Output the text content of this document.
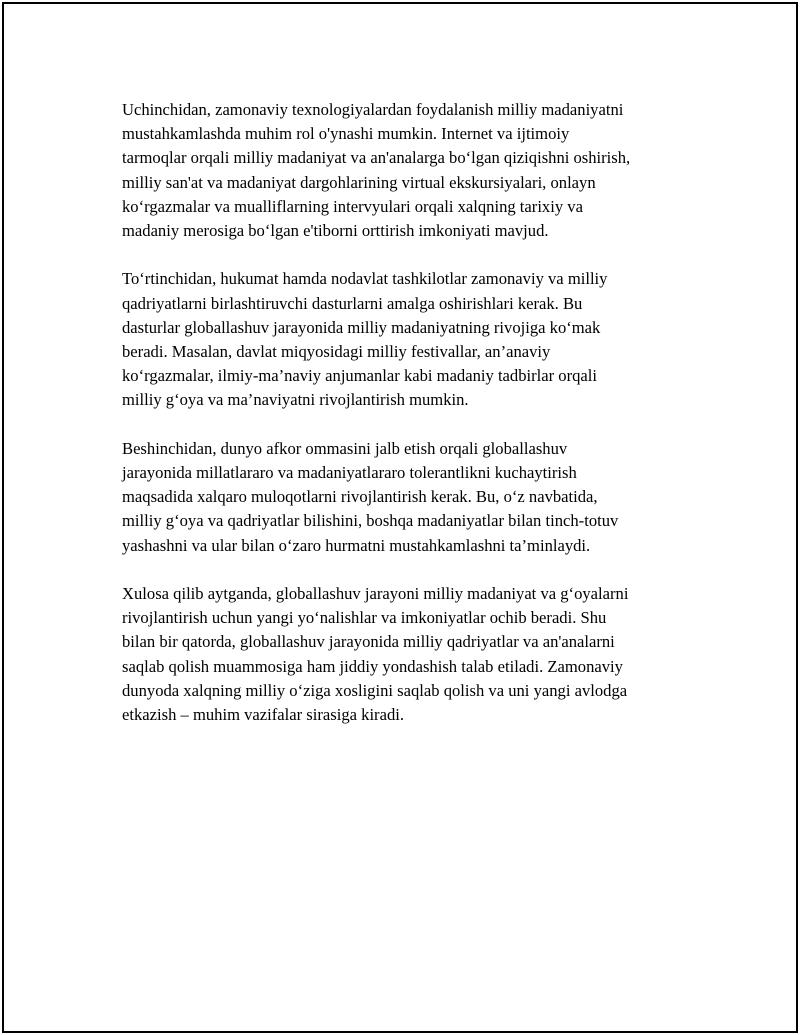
Uchinchidan, zamonaviy texnologiyalardan foydalanish milliy madaniyatni
mustahkamlashda muhim rol o'ynashi mumkin. Internet va ijtimoiy
tarmoqlar orqali milliy madaniyat va an'analarga bo‘lgan qiziqishni oshirish,
milliy san'at va madaniyat dargohlarining virtual ekskursiyalari, onlayn
ko‘rgazmalar va mualliflarning intervyulari orqali xalqning tarixiy va
madaniy merosiga bo‘lgan e'tiborni orttirish imkoniyati mavjud.

To‘rtinchidan, hukumat hamda nodavlat tashkilotlar zamonaviy va milliy
qadriyatlarni birlashtiruvchi dasturlarni amalga oshirishlari kerak. Bu
dasturlar globallashuv jarayonida milliy madaniyatning rivojiga ko‘mak
beradi. Masalan, davlat miqyosidagi milliy festivallar, an’anaviy
ko‘rgazmalar, ilmiy-ma’naviy anjumanlar kabi madaniy tadbirlar orqali
milliy g‘oya va ma’naviyatni rivojlantirish mumkin.

Beshinchidan, dunyo afkor ommasini jalb etish orqali globallashuv
jarayonida millatlararo va madaniyatlararo tolerantlikni kuchaytirish
maqsadida xalqaro muloqotlarni rivojlantirish kerak. Bu, o‘z navbatida,
milliy g‘oya va qadriyatlar bilishini, boshqa madaniyatlar bilan tinch-totuv
yashashni va ular bilan o‘zaro hurmatni mustahkamlashni ta’minlaydi.

Xulosa qilib aytganda, globallashuv jarayoni milliy madaniyat va g‘oyalarni
rivojlantirish uchun yangi yo‘nalishlar va imkoniyatlar ochib beradi. Shu
bilan bir qatorda, globallashuv jarayonida milliy qadriyatlar va an'analarni
saqlab qolish muammosiga ham jiddiy yondashish talab etiladi. Zamonaviy
dunyoda xalqning milliy o‘ziga xosligini saqlab qolish va uni yangi avlodga
etkazish – muhim vazifalar sirasiga kiradi.
